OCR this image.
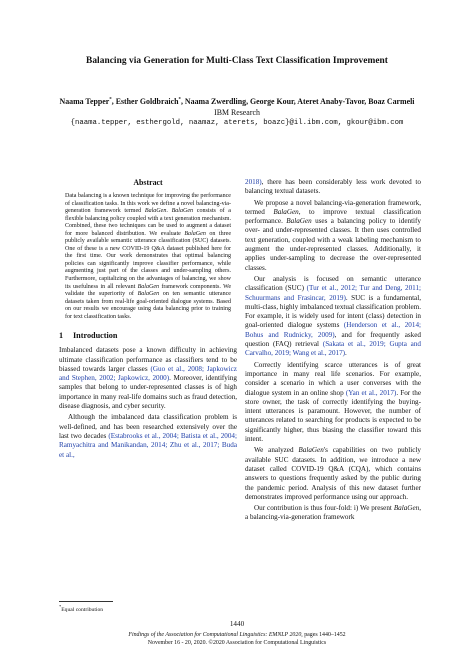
Balancing via Generation for Multi-Class Text Classification Improvement
Naama Tepper*, Esther Goldbraich*, Naama Zwerdling, George Kour, Ateret Anaby-Tavor, Boaz Carmeli
IBM Research
{naama.tepper, esthergold, naamaz, aterets, boazc}@il.ibm.com, gkour@ibm.com
Abstract
Data balancing is a known technique for improving the performance of classification tasks. In this work we define a novel balancing-via-generation framework termed BalaGen. BalaGen consists of a flexible balancing policy coupled with a text generation mechanism. Combined, these two techniques can be used to augment a dataset for more balanced distribution. We evaluate BalaGen on three publicly available semantic utterance classification (SUC) datasets. One of these is a new COVID-19 Q&A dataset published here for the first time. Our work demonstrates that optimal balancing policies can significantly improve classifier performance, while augmenting just part of the classes and under-sampling others. Furthermore, capitalizing on the advantages of balancing, we show its usefulness in all relevant BalaGen framework components. We validate the superiority of BalaGen on ten semantic utterance datasets taken from real-life goal-oriented dialogue systems. Based on our results we encourage using data balancing prior to training for text classification tasks.
1 Introduction

Imbalanced datasets pose a known difficulty in achieving ultimate classification performance as classifiers tend to be biassed towards larger classes (Guo et al., 2008; Japkowicz and Stephen, 2002; Japkowicz, 2000). Moreover, identifying samples that belong to under-represented classes is of high importance in many real-life domains such as fraud detection, disease diagnosis, and cyber security.

Although the imbalanced data classification problem is well-defined, and has been researched extensively over the last two decades (Estabrooks et al., 2004; Batista et al., 2004; Ramyachitra and Manikandan, 2014; Zhu et al., 2017; Buda et al.,

2018), there has been considerably less work devoted to balancing textual datasets.

We propose a novel balancing-via-generation framework, termed BalaGen, to improve textual classification performance. BalaGen uses a balancing policy to identify over- and under-represented classes. It then uses controlled text generation, coupled with a weak labeling mechanism to augment the under-represented classes. Additionally, it applies under-sampling to decrease the over-represented classes.

Our analysis is focused on semantic utterance classification (SUC) (Tur et al., 2012; Tur and Deng, 2011; Schuurmans and Frasincar, 2019). SUC is a fundamental, multi-class, highly imbalanced textual classification problem. For example, it is widely used for intent (class) detection in goal-oriented dialogue systems (Henderson et al., 2014; Bohus and Rudnicky, 2009), and for frequently asked question (FAQ) retrieval (Sakata et al., 2019; Gupta and Carvalho, 2019; Wang et al., 2017).

Correctly identifying scarce utterances is of great importance in many real life scenarios. For example, consider a scenario in which a user converses with the dialogue system in an online shop (Yan et al., 2017). For the store owner, the task of correctly identifying the buying-intent utterances is paramount. However, the number of utterances related to searching for products is expected to be significantly higher, thus biasing the classifier toward this intent.

We analyzed BalaGen's capabilities on two publicly available SUC datasets. In addition, we introduce a new dataset called COVID-19 Q&A (CQA), which contains answers to questions frequently asked by the public during the pandemic period. Analysis of this new dataset further demonstrates improved performance using our approach.

Our contribution is thus four-fold: i) We present BalaGen, a balancing-via-generation framework

*Equal contribution
1440
Findings of the Association for Computational Linguistics: EMNLP 2020, pages 1440–1452
November 16 - 20, 2020. ©2020 Association for Computational Linguistics
